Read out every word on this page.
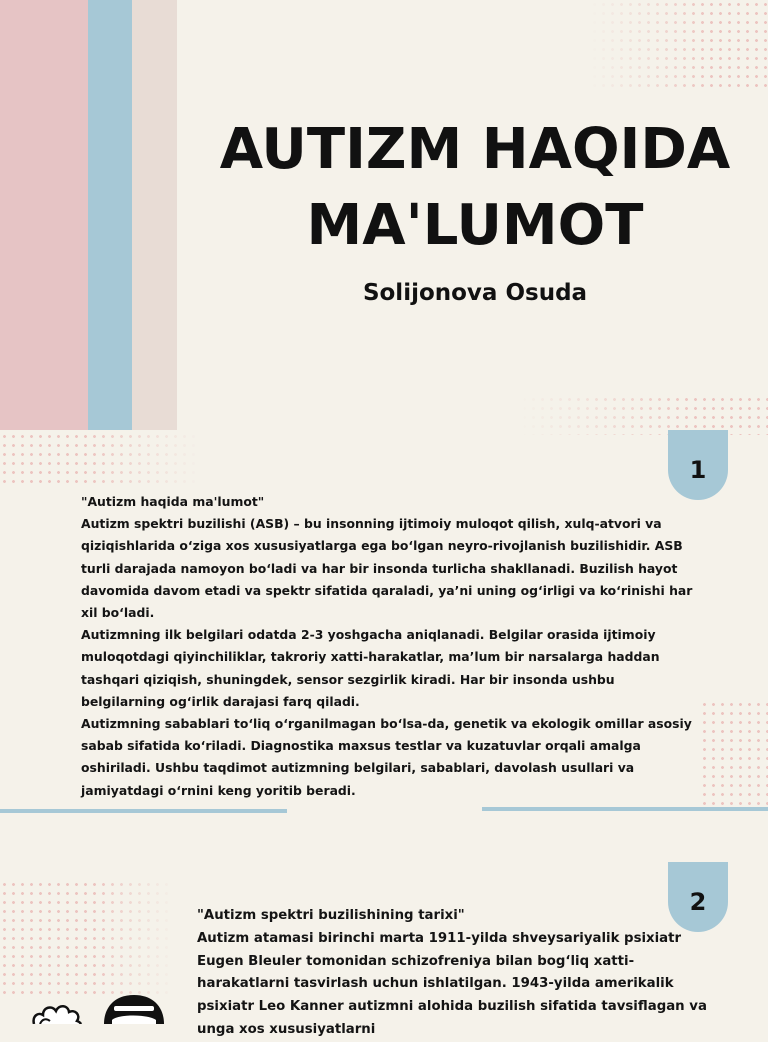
AUTIZM HAQIDA
MA'LUMOT
Solijonova Osuda
1

"Autizm haqida ma'lumot"

Autizm spektri buzilishi (ASB) – bu insonning ijtimoiy muloqot qilish, xulq-atvori va qiziqishlarida o‘ziga xos xususiyatlarga ega bo‘lgan neyro-rivojlanish buzilishidir. ASB turli darajada namoyon bo‘ladi va har bir insonda turlicha shakllanadi. Buzilish hayot davomida davom etadi va spektr sifatida qaraladi, ya’ni uning og‘irligi va ko‘rinishi har xil bo‘ladi.

Autizmning ilk belgilari odatda 2-3 yoshgacha aniqlanadi. Belgilar orasida ijtimoiy muloqotdagi qiyinchiliklar, takroriy xatti-harakatlar, ma’lum bir narsalarga haddan tashqari qiziqish, shuningdek, sensor sezgirlik kiradi. Har bir insonda ushbu belgilarning og‘irlik darajasi farq qiladi.

Autizmning sabablari to‘liq o‘rganilmagan bo‘lsa-da, genetik va ekologik omillar asosiy sabab sifatida ko‘riladi. Diagnostika maxsus testlar va kuzatuvlar orqali amalga oshiriladi. Ushbu taqdimot autizmning belgilari, sabablari, davolash usullari va jamiyatdagi o‘rnini keng yoritib beradi.

2

"Autizm spektri buzilishining tarixi"

Autizm atamasi birinchi marta 1911-yilda shveysariyalik psixiatr Eugen Bleuler tomonidan schizofreniya bilan bog‘liq xatti-harakatlarni tasvirlash uchun ishlatilgan. 1943-yilda amerikalik psixiatr Leo Kanner autizmni alohida buzilish sifatida tavsiflagan va unga xos xususiyatlarni
